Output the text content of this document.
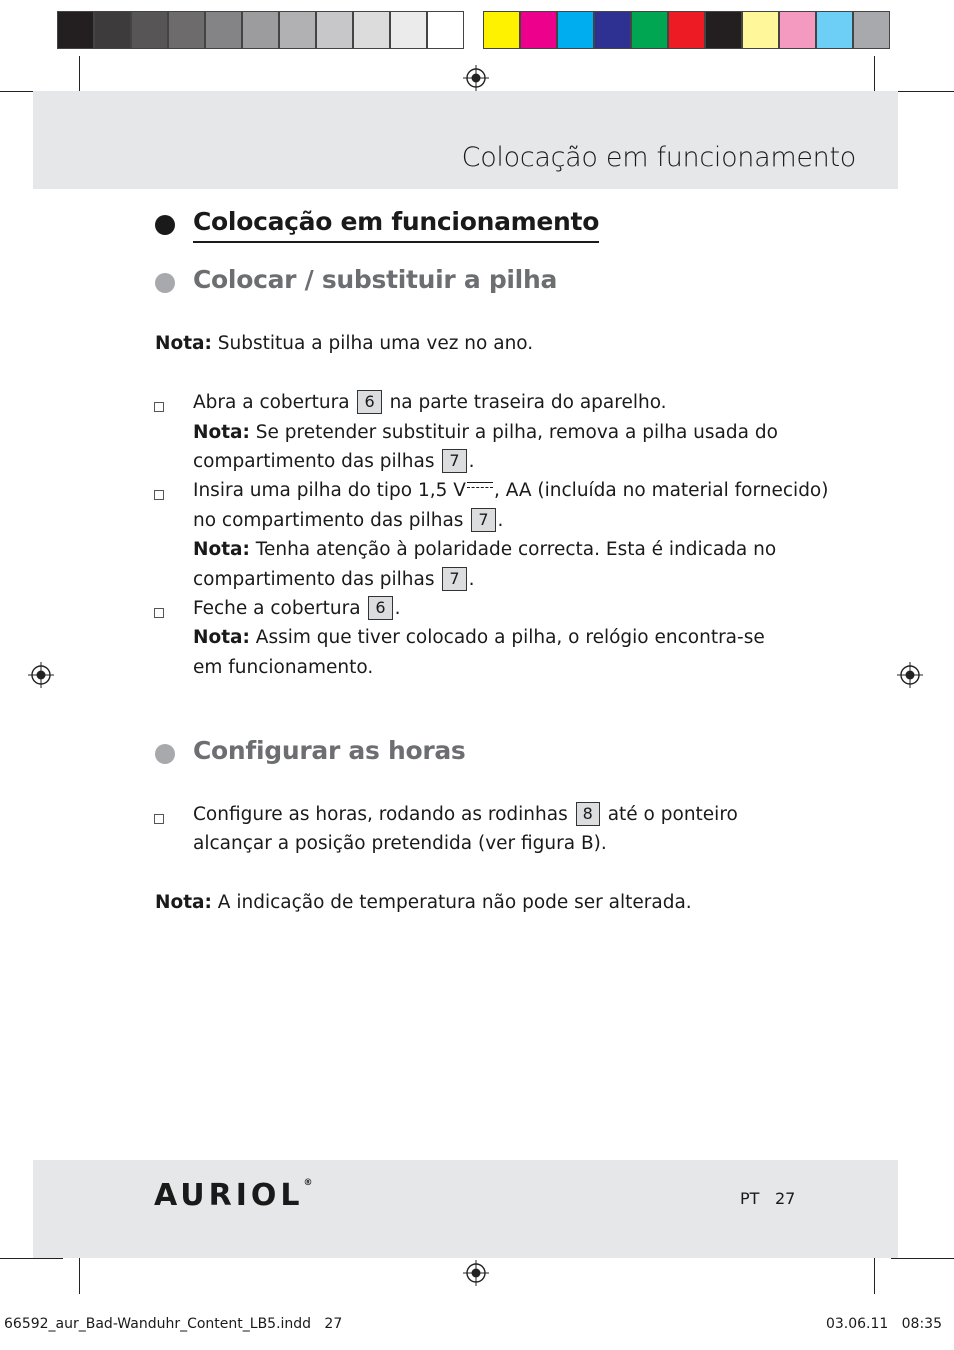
Colocação em funcionamento
Colocação em funcionamento
Colocar / substituir a pilha
Nota: Substitua a pilha uma vez no ano.
Abra a cobertura 6 na parte traseira do aparelho.
Nota: Se pretender substituir a pilha, remova a pilha usada do
compartimento das pilhas 7 .
Insira uma pilha do tipo 1,5 V , AA (incluída no material fornecido)
no compartimento das pilhas 7 .
Nota: Tenha atenção à polaridade correcta. Esta é indicada no
compartimento das pilhas 7 .
Feche a cobertura 6 .
Nota: Assim que tiver colocado a pilha, o relógio encontra-se
em funcionamento.
Configurar as horas
Configure as horas, rodando as rodinhas 8 até o ponteiro
alcançar a posição pretendida (ver figura B).
Nota: A indicação de temperatura não pode ser alterada.
AURIOL®
PT 27
66592_aur_Bad-Wanduhr_Content_LB5.indd   27	03.06.11   08:35
